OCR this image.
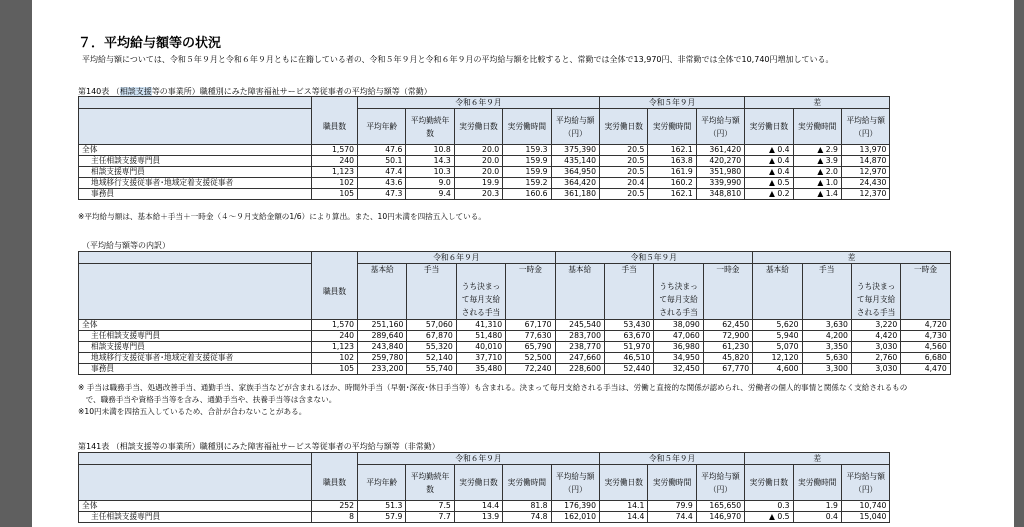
７．平均給与額等の状況
平均給与額については、令和５年９月と令和６年９月ともに在籍している者の、令和５年９月と令和６年９月の平均給与額を比較すると、常勤では全体で13,970円、非常勤では全体で10,740円増加している。
第140表 （相談支援等の事業所）職種別にみた障害福祉サービス等従事者の平均給与額等（常勤）
		令和６年９月					令和５年９月			差		
	職員数	平均年齢	平均勤続年数	実労働日数	実労働時間	平均給与額（円）	実労働日数	実労働時間	平均給与額（円）	実労働日数	実労働時間	平均給与額（円）
全体	1,570	47.6	10.8	20.0	159.3	375,390	20.5	162.1	361,420	▲ 0.4	▲ 2.9	13,970
主任相談支援専門員	240	50.1	14.3	20.0	159.9	435,140	20.5	163.8	420,270	▲ 0.4	▲ 3.9	14,870
相談支援専門員	1,123	47.4	10.3	20.0	159.9	364,950	20.5	161.9	351,980	▲ 0.4	▲ 2.0	12,970
地域移行支援従事者･地域定着支援従事者	102	43.6	9.0	19.9	159.2	364,420	20.4	160.2	339,990	▲ 0.5	▲ 1.0	24,430
事務員	105	47.3	9.4	20.3	160.6	361,180	20.5	162.1	348,810	▲ 0.2	▲ 1.4	12,370
※平均給与額は、基本給＋手当＋一時金（４～９月支給金額の1/6）により算出。また、10円未満を四捨五入している。
（平均給与額等の内訳）
		令和６年９月				令和５年９月				差			
	職員数	基本給	手当	うち決まって毎月支給される手当	一時金	基本給	手当	うち決まって毎月支給される手当	一時金	基本給	手当	うち決まって毎月支給される手当	一時金
全体	1,570	251,160	57,060	41,310	67,170	245,540	53,430	38,090	62,450	5,620	3,630	3,220	4,720
主任相談支援専門員	240	289,640	67,870	51,480	77,630	283,700	63,670	47,060	72,900	5,940	4,200	4,420	4,730
相談支援専門員	1,123	243,840	55,320	40,010	65,790	238,770	51,970	36,980	61,230	5,070	3,350	3,030	4,560
地域移行支援従事者･地域定着支援従事者	102	259,780	52,140	37,710	52,500	247,660	46,510	34,950	45,820	12,120	5,630	2,760	6,680
事務員	105	233,200	55,740	35,480	72,240	228,600	52,440	32,450	67,770	4,600	3,300	3,030	4,470
※ 手当は職務手当、処遇改善手当、通勤手当、家族手当などが含まれるほか、時間外手当（早朝･深夜･休日手当等）も含まれる。決まって毎月支給される手当は、労働と直接的な関係が認められ、労働者の個人的事情と関係なく支給されるもの
　で、職務手当や資格手当等を含み、通勤手当や、扶養手当等は含まない。
※10円未満を四捨五入しているため、合計が合わないことがある。
第141表 （相談支援等の事業所）職種別にみた障害福祉サービス等従事者の平均給与額等（非常勤）
		令和６年９月					令和５年９月			差		
	職員数	平均年齢	平均勤続年数	実労働日数	実労働時間	平均給与額（円）	実労働日数	実労働時間	平均給与額（円）	実労働日数	実労働時間	平均給与額（円）
全体	252	51.3	7.5	14.4	81.8	176,390	14.1	79.9	165,650	0.3	1.9	10,740
主任相談支援専門員	8	57.9	7.7	13.9	74.8	162,010	14.4	74.4	146,970	▲ 0.5	0.4	15,040
